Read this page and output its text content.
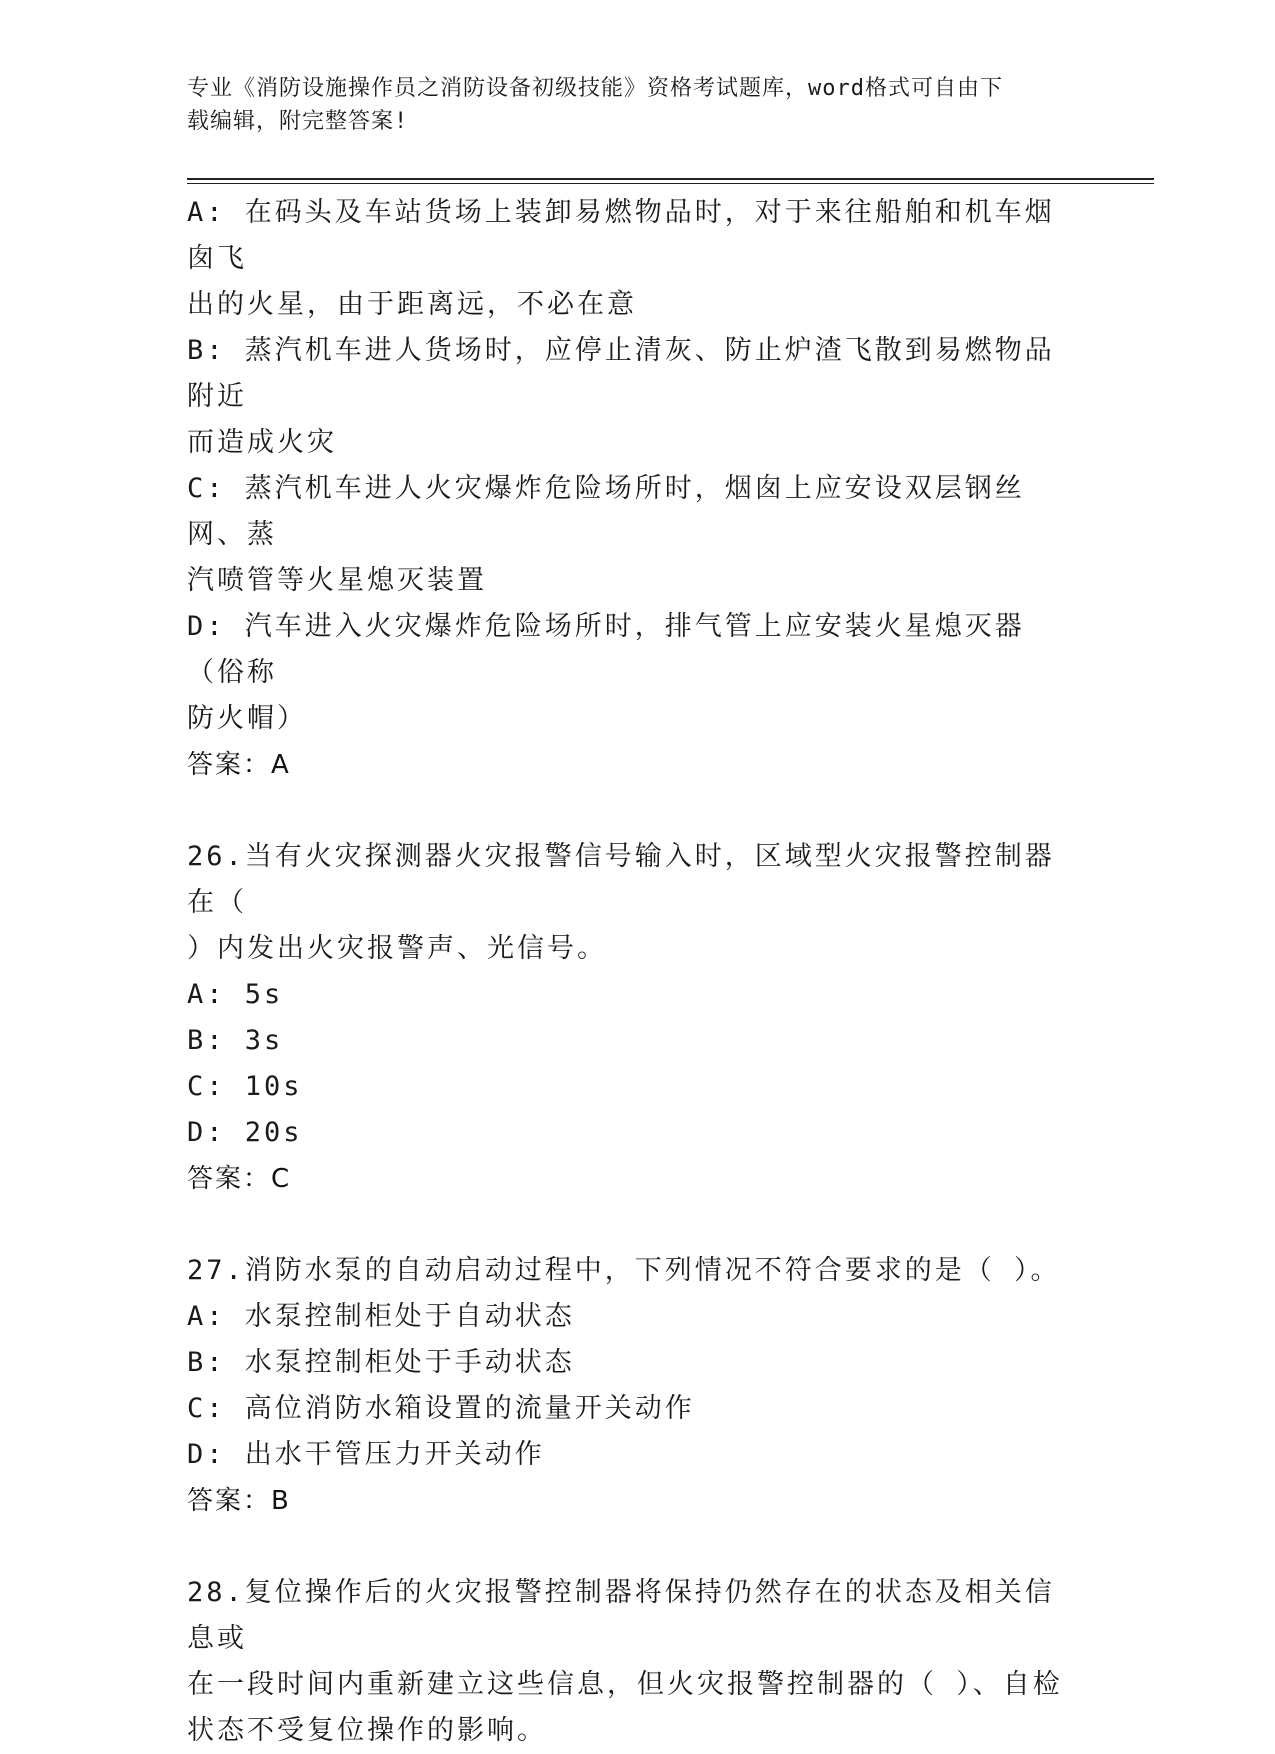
专业《消防设施操作员之消防设备初级技能》资格考试题库，word格式可自由下
载编辑，附完整答案!
A: 在码头及车站货场上装卸易燃物品时，对于来往船舶和机车烟囱飞
出的火星，由于距离远，不必在意
B: 蒸汽机车进人货场时，应停止清灰、防止炉渣飞散到易燃物品附近
而造成火灾
C: 蒸汽机车进人火灾爆炸危险场所时，烟囱上应安设双层钢丝网、蒸
汽喷管等火星熄灭装置
D: 汽车进入火灾爆炸危险场所时，排气管上应安装火星熄灭器（俗称
防火帽）
答案：A
26.当有火灾探测器火灾报警信号输入时，区域型火灾报警控制器在（
）内发出火灾报警声、光信号。
A: 5s
B: 3s
C: 10s
D: 20s
答案：C
27.消防水泵的自动启动过程中，下列情况不符合要求的是（ ）。
A: 水泵控制柜处于自动状态
B: 水泵控制柜处于手动状态
C: 高位消防水箱设置的流量开关动作
D: 出水干管压力开关动作
答案：B
28.复位操作后的火灾报警控制器将保持仍然存在的状态及相关信息或
在一段时间内重新建立这些信息，但火灾报警控制器的（ ）、自检
状态不受复位操作的影响。
